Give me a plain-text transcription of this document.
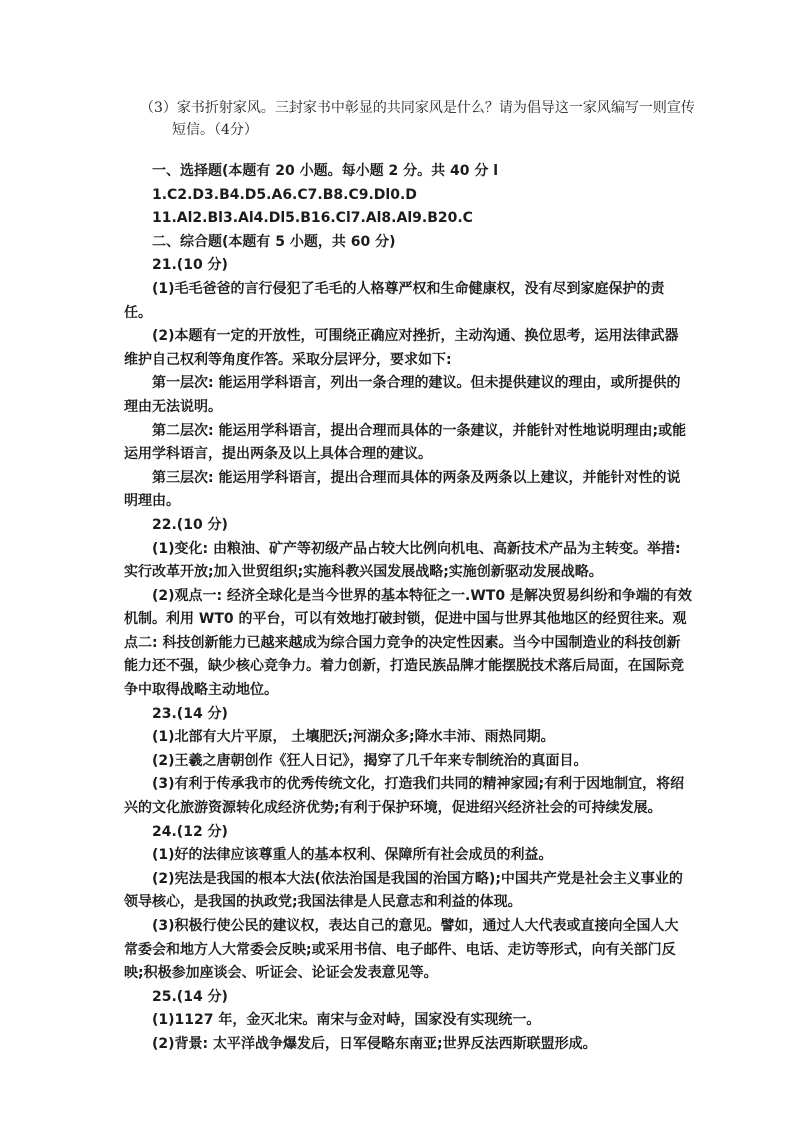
（3）家书折射家风。三封家书中彰显的共同家风是什么？请为倡导这一家风编写一则宣传
短信。（4分）

一、选择题(本题有 20 小题。每小题 2 分。共 40 分 l

1.C2.D3.B4.D5.A6.C7.B8.C9.Dl0.D

11.Al2.Bl3.Al4.Dl5.B16.Cl7.Al8.Al9.B20.C

二、综合题(本题有 5 小题，共 60 分)

21.(10 分)

(1)毛毛爸爸的言行侵犯了毛毛的人格尊严权和生命健康权，没有尽到家庭保护的责任。

(2)本题有一定的开放性，可围绕正确应对挫折，主动沟通、换位思考，运用法律武器维护自己权利等角度作答。采取分层评分，要求如下:

第一层次: 能运用学科语言，列出一条合理的建议。但未提供建议的理由，或所提供的理由无法说明。

第二层次: 能运用学科语言，提出合理而具体的一条建议，并能针对性地说明理由;或能运用学科语言，提出两条及以上具体合理的建议。

第三层次: 能运用学科语言，提出合理而具体的两条及两条以上建议，并能针对性的说明理由。

22.(10 分)

(1)变化: 由粮油、矿产等初级产品占较大比例向机电、高新技术产品为主转变。举措: 实行改革开放;加入世贸组织;实施科教兴国发展战略;实施创新驱动发展战略。

(2)观点一: 经济全球化是当今世界的基本特征之一.WT0 是解决贸易纠纷和争端的有效机制。利用 WT0 的平台，可以有效地打破封锁，促进中国与世界其他地区的经贸往来。观点二: 科技创新能力已越来越成为综合国力竞争的决定性因素。当今中国制造业的科技创新能力还不强，缺少核心竞争力。着力创新，打造民族品牌才能摆脱技术落后局面，在国际竞争中取得战略主动地位。

23.(14 分)

(1)北部有大片平原， 土壤肥沃;河湖众多;降水丰沛、雨热同期。

(2)王羲之唐朝创作《狂人日记》，揭穿了几千年来专制统治的真面目。

(3)有利于传承我市的优秀传统文化，打造我们共同的精神家园;有利于因地制宜，将绍兴的文化旅游资源转化成经济优势;有利于保护环境，促进绍兴经济社会的可持续发展。

24.(12 分)

(1)好的法律应该尊重人的基本权利、保障所有社会成员的利益。

(2)宪法是我国的根本大法(依法治国是我国的治国方略);中国共产党是社会主义事业的领导核心，是我国的执政党;我国法律是人民意志和利益的体现。

(3)积极行使公民的建议权，表达自己的意见。譬如，通过人大代表或直接向全国人大常委会和地方人大常委会反映;或采用书信、电子邮件、电话、走访等形式，向有关部门反映;积极参加座谈会、听证会、论证会发表意见等。

25.(14 分)

(1)1127 年，金灭北宋。南宋与金对峙，国家没有实现统一。

(2)背景: 太平洋战争爆发后，日军侵略东南亚;世界反法西斯联盟形成。
